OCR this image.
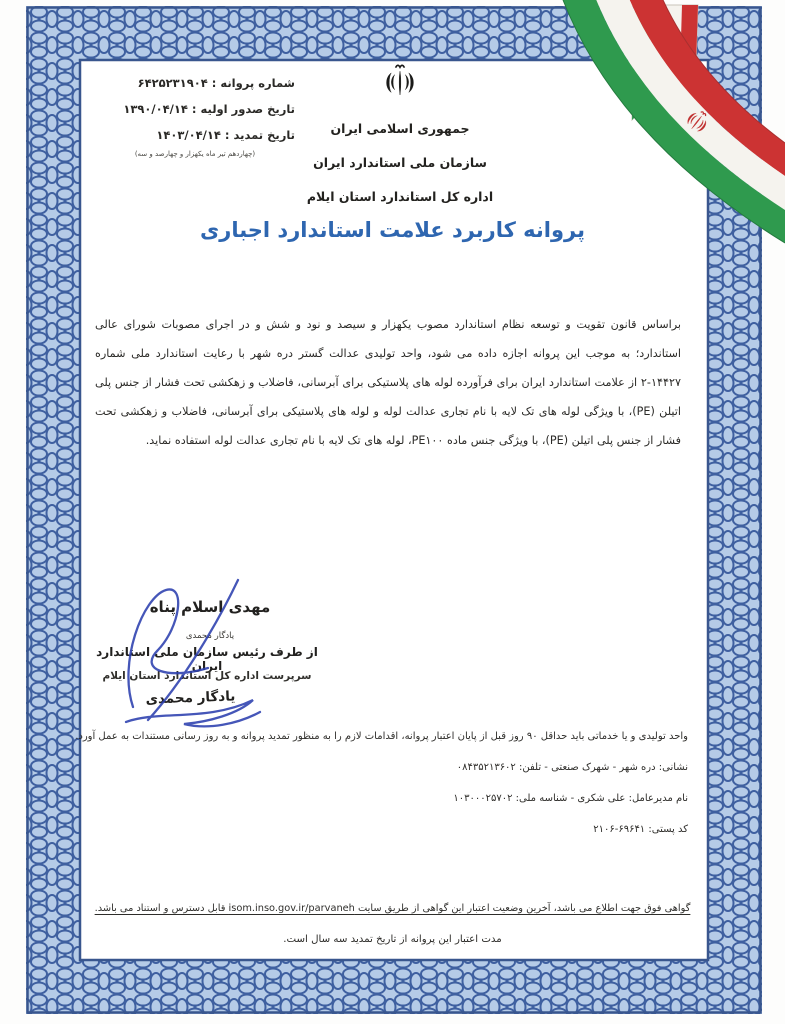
شماره پروانه : ۶۴۲۵۲۳۱۹۰۴
تاریخ صدور اولیه : ۱۳۹۰/۰۴/۱۴
تاریخ تمدید : ۱۴۰۳/۰۴/۱۴
(چهاردهم تیر ماه یکهزار و چهارصد و سه)
جمهوری اسلامی ایران
سازمان ملی استاندارد ایران
اداره کل استاندارد استان ایلام
پروانه کاربرد علامت استاندارد اجباری
براساس قانون تقویت و توسعه نظام استاندارد مصوب یکهزار و سیصد و نود و شش و در اجرای مصوبات شورای عالی استاندارد؛ به موجب این پروانه اجازه داده می شود، واحد تولیدی عدالت گستر دره شهر با رعایت استاندارد ملی شماره ۱۴۴۲۷-۲ از علامت استاندارد ایران برای فرآورده لوله های پلاستیکی برای آبرسانی، فاضلاب و زهکشی تحت فشار از جنس پلی اتیلن (PE)، با ویژگی لوله های تک لایه با نام تجاری عدالت لوله و لوله های پلاستیکی برای آبرسانی، فاضلاب و زهکشی تحت فشار از جنس پلی اتیلن (PE)، با ویژگی جنس ماده PE۱۰۰، لوله های تک لایه با نام تجاری عدالت لوله استفاده نماید.
مهدی اسلام پناه
یادگار محمدی
از طرف رئیس سازمان ملی استاندارد ایران
سرپرست اداره کل استاندارد استان ایلام
یادگار محمدی
واحد تولیدی و یا خدماتی باید حداقل ۹۰ روز قبل از پایان اعتبار پروانه، اقدامات لازم را به منظور تمدید پروانه و به روز رسانی مستندات به عمل آورد.
نشانی: دره شهر - شهرک صنعتی - تلفن: ۰۸۴۳۵۲۱۳۶۰۲
نام مدیرعامل: علی شکری - شناسه ملی: ۱۰۳۰۰۰۲۵۷۰۲
کد پستی: ۲۱۰۶-۶۹۶۴۱
گواهی فوق جهت اطلاع می باشد، آخرین وضعیت اعتبار این گواهی از طریق سایت isom.inso.gov.ir/parvaneh قابل دسترس و استناد می باشد.
مدت اعتبار این پروانه از تاریخ تمدید سه سال است.
